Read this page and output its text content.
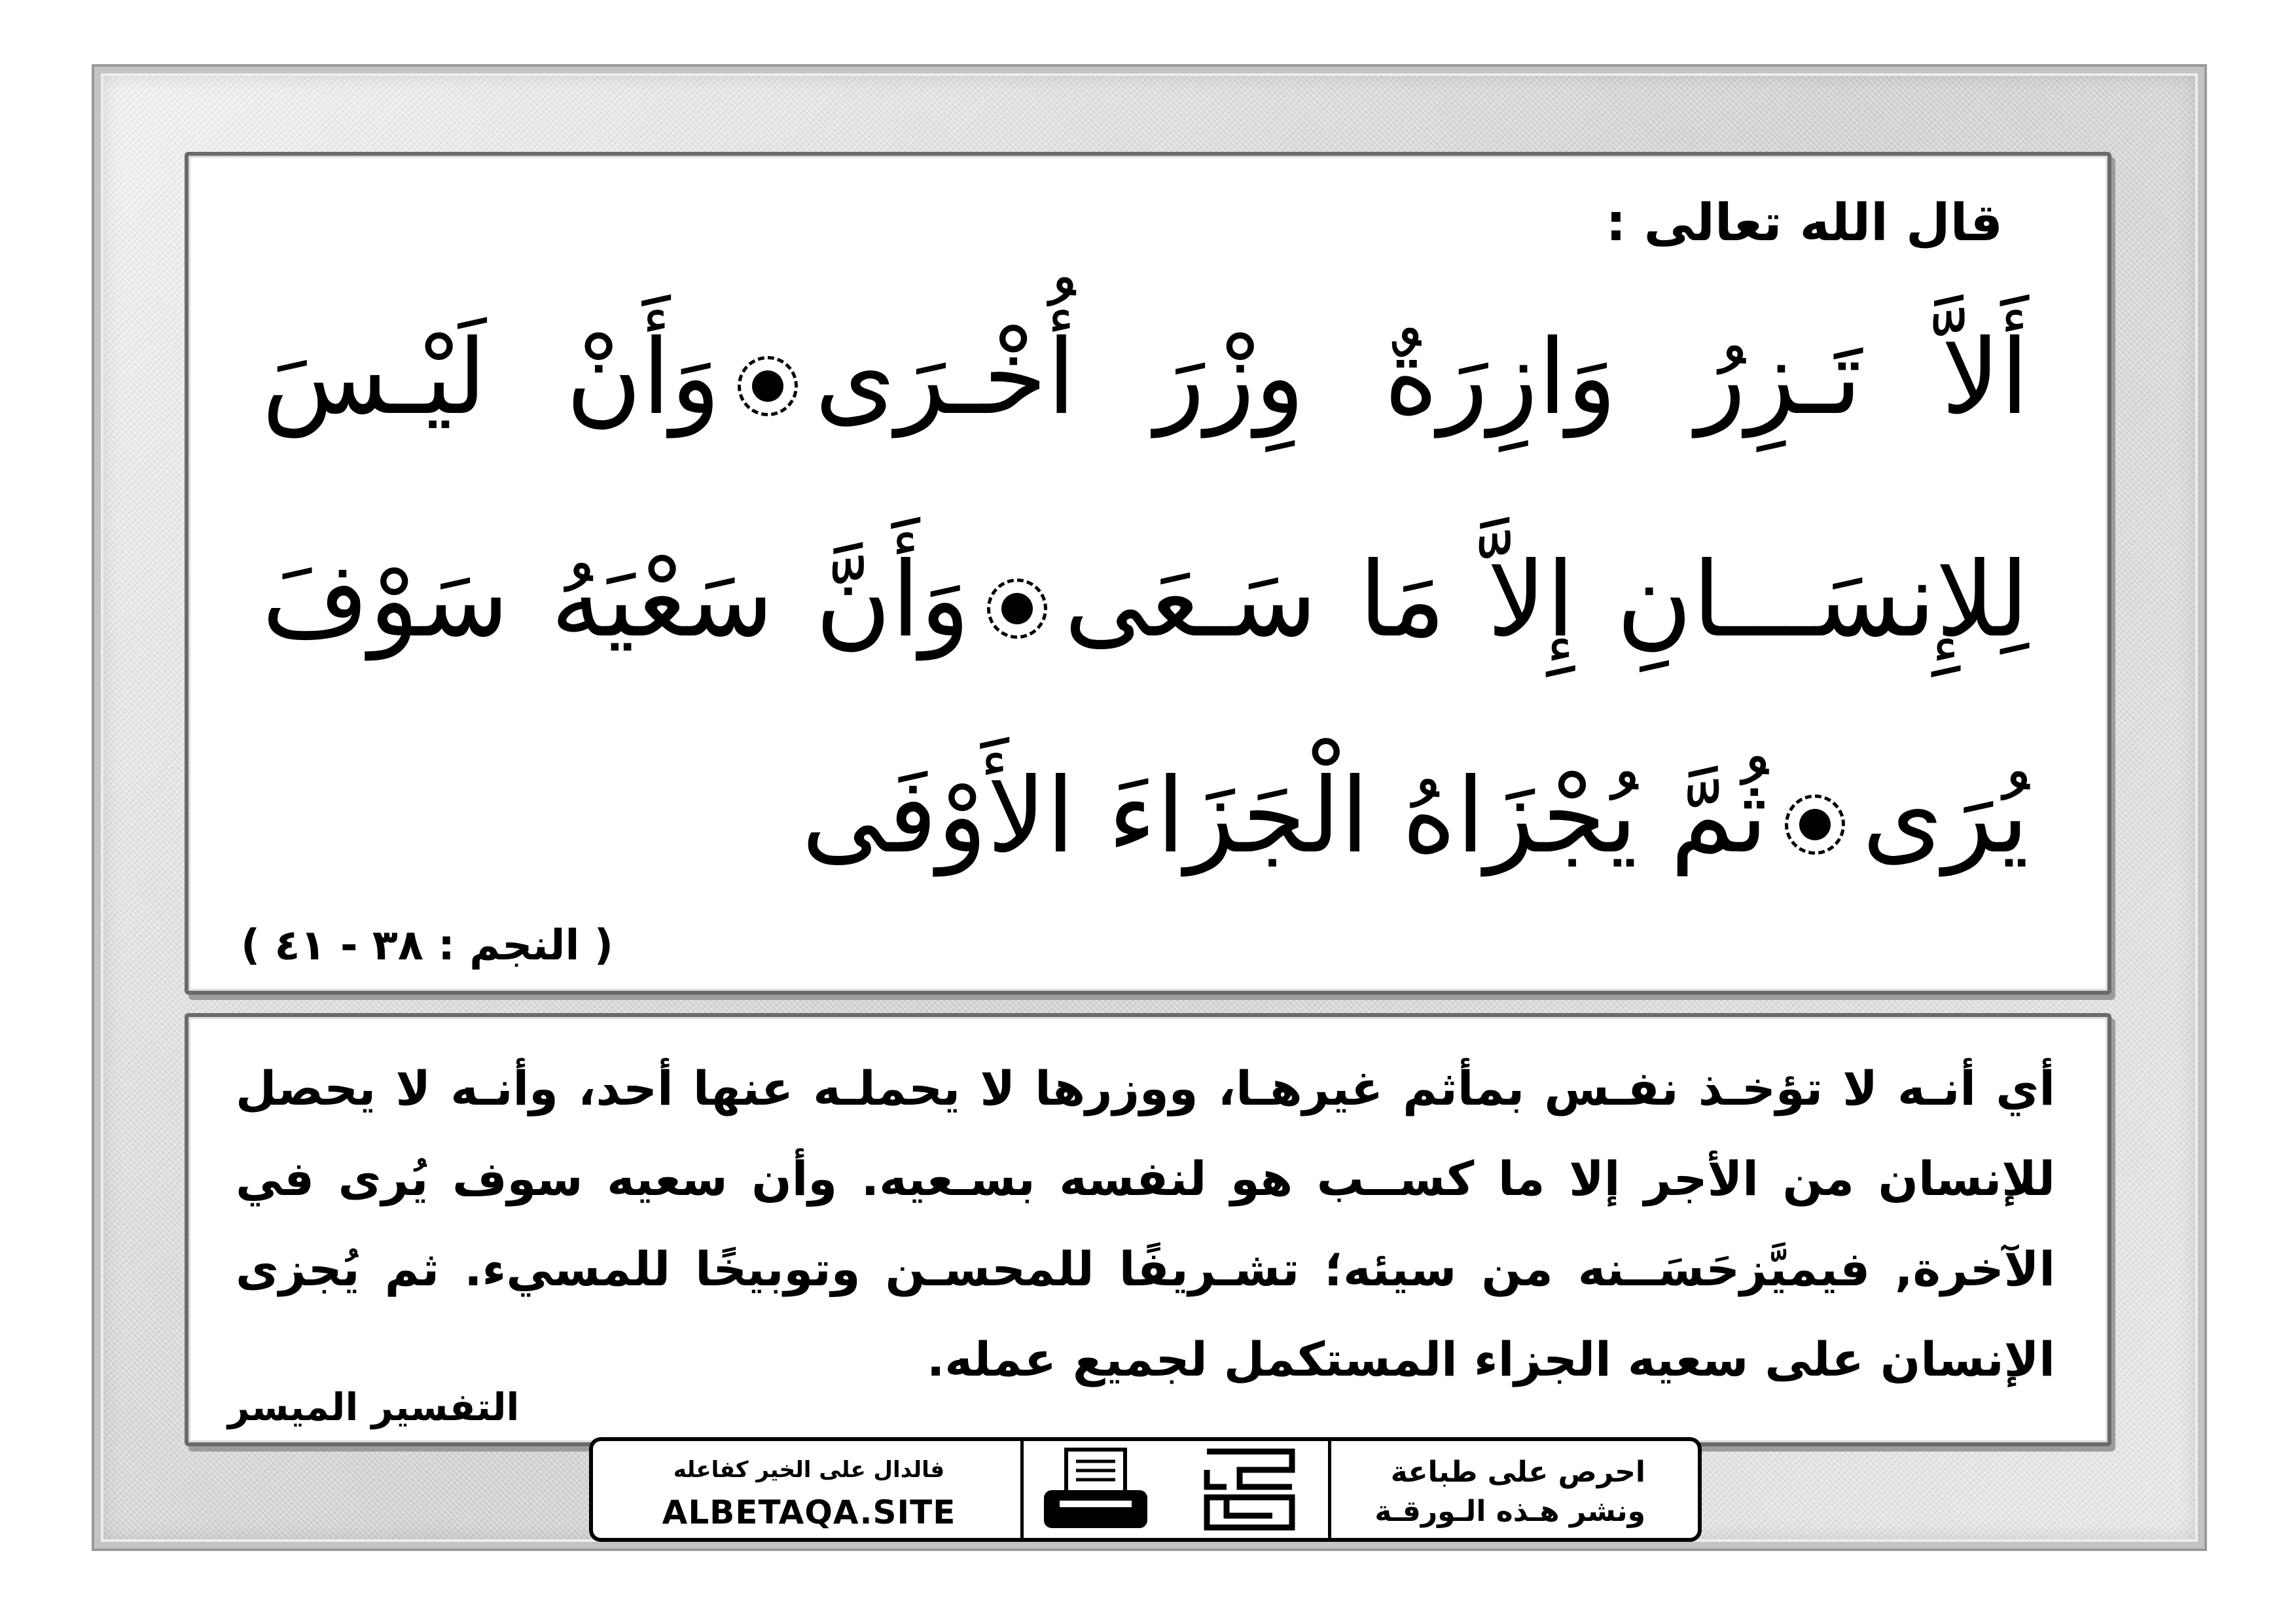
قال الله تعالى :
أَلاَّ تَـزِرُ وَازِرَةٌ وِزْرَ أُخْـرَىوَأَنْ لَيْـسَ
لِلإِنسَـــانِ إِلاَّ مَا سَـعَىوَأَنَّ سَعْيَهُ سَوْفَ
يُرَىثُمَّ يُجْزَاهُ الْجَزَاءَ الأَوْفَى
( النجم : ٣٨ - ٤١ )
أي أنـه لا تؤخـذ نفـس بمأثم غيرهـا، ووزرها لا يحملـه عنها أحد، وأنـه لا يحصل للإنسان من الأجر إلا ما كســب هو لنفسه بسـعيه. وأن سعيه سوف يُرى في الآخرة, فيميَّزحَسَــنه من سيئه؛ تشـريفًا للمحسـن وتوبيخًا للمسيء. ثم يُجزى الإنسان على سعيه الجزاء المستكمل لجميع عمله.
التفسير الميسر
احرص على طباعة
ونشر هـذه الـورقـة
فالدال على الخير كفاعله
ALBETAQA.SITE
